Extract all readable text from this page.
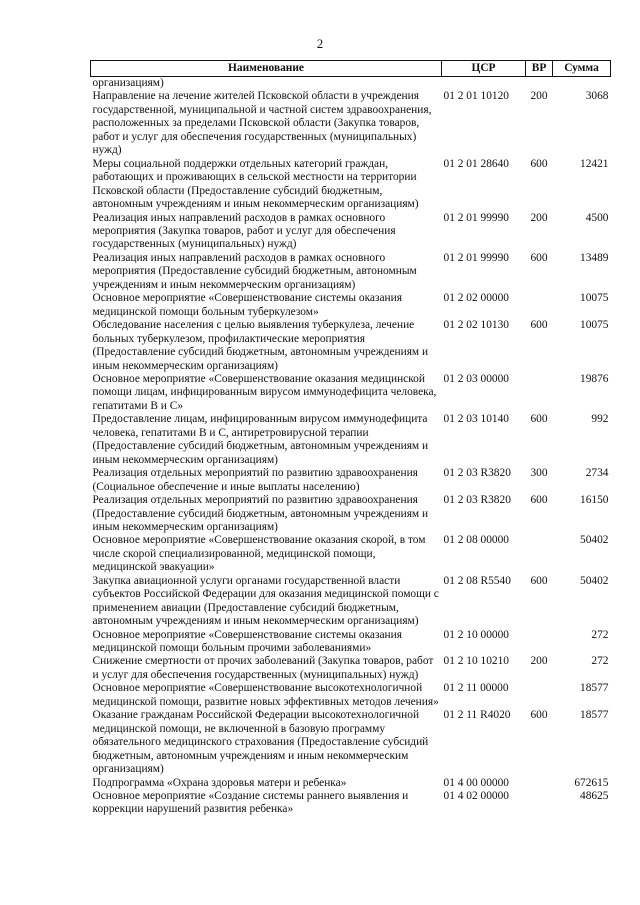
2
Наименование	ЦСР	ВР	Сумма
организациям)			
Направление на лечение жителей Псковской области в учреждения государственной, муниципальной и частной систем здравоохранения, расположенных за пределами Псковской области (Закупка товаров, работ и услуг для обеспечения государственных (муниципальных) нужд)	01 2 01 10120	200	3068
Меры социальной поддержки отдельных категорий граждан, работающих и проживающих в сельской местности на территории Псковской области (Предоставление субсидий бюджетным, автономным учреждениям и иным некоммерческим организациям)	01 2 01 28640	600	12421
Реализация иных направлений расходов в рамках основного мероприятия (Закупка товаров, работ и услуг для обеспечения государственных (муниципальных) нужд)	01 2 01 99990	200	4500
Реализация иных направлений расходов в рамках основного мероприятия (Предоставление субсидий бюджетным, автономным учреждениям и иным некоммерческим организациям)	01 2 01 99990	600	13489
Основное мероприятие «Совершенствование системы оказания медицинской помощи больным туберкулезом»	01 2 02 00000		10075
Обследование населения с целью выявления туберкулеза, лечение больных туберкулезом, профилактические мероприятия (Предоставление субсидий бюджетным, автономным учреждениям и иным некоммерческим организациям)	01 2 02 10130	600	10075
Основное мероприятие «Совершенствование оказания медицинской помощи лицам, инфицированным вирусом иммунодефицита человека, гепатитами В и С»	01 2 03 00000		19876
Предоставление лицам, инфицированным вирусом иммунодефицита человека, гепатитами В и С, антиретровирусной терапии (Предоставление субсидий бюджетным, автономным учреждениям и иным некоммерческим организациям)	01 2 03 10140	600	992
Реализация отдельных мероприятий по развитию здравоохранения (Социальное обеспечение и иные выплаты населению)	01 2 03 R3820	300	2734
Реализация отдельных мероприятий по развитию здравоохранения (Предоставление субсидий бюджетным, автономным учреждениям и иным некоммерческим организациям)	01 2 03 R3820	600	16150
Основное мероприятие «Совершенствование оказания скорой, в том числе скорой специализированной, медицинской помощи, медицинской эвакуации»	01 2 08 00000		50402
Закупка авиационной услуги органами государственной власти субъектов Российской Федерации для оказания медицинской помощи с применением авиации (Предоставление субсидий бюджетным, автономным учреждениям и иным некоммерческим организациям)	01 2 08 R5540	600	50402
Основное мероприятие «Совершенствование системы оказания медицинской помощи больным прочими заболеваниями»	01 2 10 00000		272
Снижение смертности от прочих заболеваний (Закупка товаров, работ и услуг для обеспечения государственных (муниципальных) нужд)	01 2 10 10210	200	272
Основное мероприятие «Совершенствование высокотехнологичной медицинской помощи, развитие новых эффективных методов лечения»	01 2 11 00000		18577
Оказание гражданам Российской Федерации высокотехнологичной медицинской помощи, не включенной в базовую программу обязательного медицинского страхования (Предоставление субсидий бюджетным, автономным учреждениям и иным некоммерческим организациям)	01 2 11 R4020	600	18577
Подпрограмма «Охрана здоровья матери и ребенка»	01 4 00 00000		672615
Основное мероприятие «Создание системы раннего выявления и коррекции нарушений развития ребенка»	01 4 02 00000		48625
